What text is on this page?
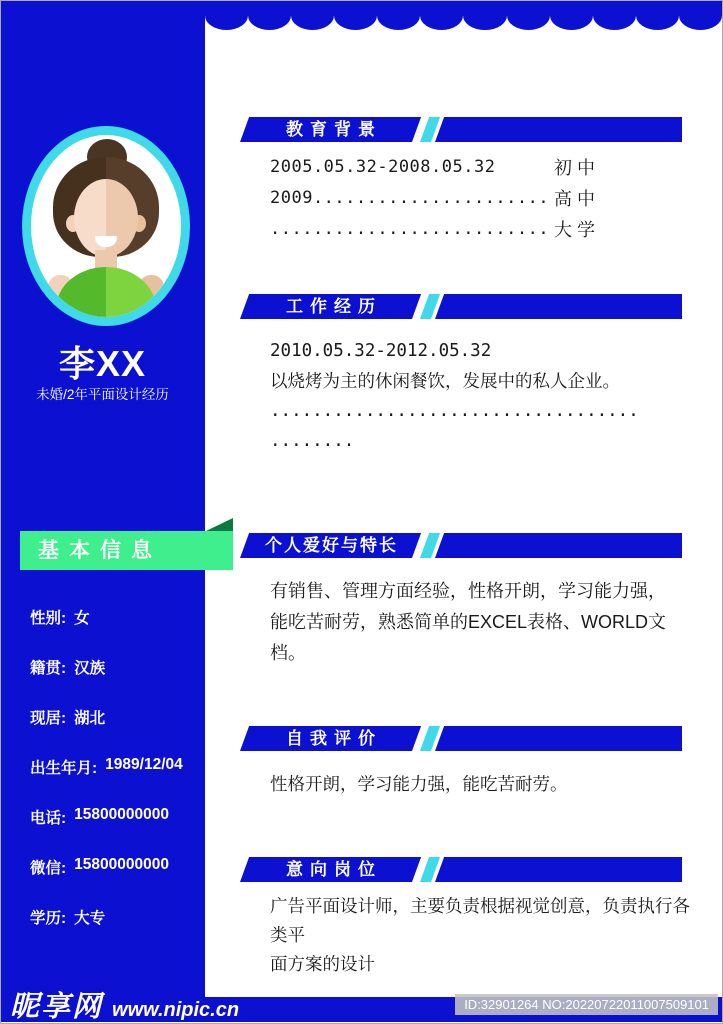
李XX
未婚/2年平面设计经历
基本信息
性别: 女
籍贯: 汉族
现居: 湖北
出生年月: 1989/12/04
电话: 15800000000
微信: 15800000000
学历: 大专
教育背景
2005.05.32-2008.05.32	初 中
2009...................... 高 中
.......................... 大 学
工作经历

2010.05.32-2012.05.32

以烧烤为主的休闲餐饮，发展中的私人企业。

...................................

........

个人爱好与特长

有销售、管理方面经验，性格开朗，学习能力强，

能吃苦耐劳，熟悉简单的EXCEL表格、WORLD文档。

自我评价

性格开朗，学习能力强，能吃苦耐劳。

意向岗位

广告平面设计师，主要负责根据视觉创意，负责执行各类平

面方案的设计

昵享网 www.nipic.cn	ID:32901264 NO:20220722011007509101
